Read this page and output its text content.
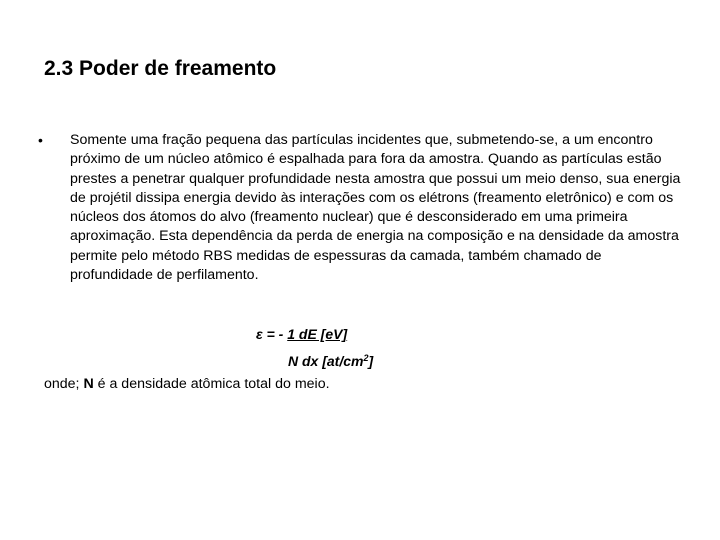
2.3 Poder de freamento
• Somente uma fração pequena das partículas incidentes que, submetendo-se, a um encontro próximo de um núcleo atômico é espalhada para fora da amostra. Quando as partículas estão prestes a penetrar qualquer profundidade nesta amostra que possui um meio denso, sua energia de projétil dissipa energia devido às interações com os elétrons (freamento eletrônico) e com os núcleos dos átomos do alvo (freamento nuclear) que é desconsiderado em uma primeira aproximação. Esta dependência da perda de energia na composição e na densidade da amostra permite pelo método RBS medidas de espessuras da camada, também chamado de profundidade de perfilamento.
ε = - 1 dE [eV]
N dx $[at/cm^2]$
onde; N é a densidade atômica total do meio.
